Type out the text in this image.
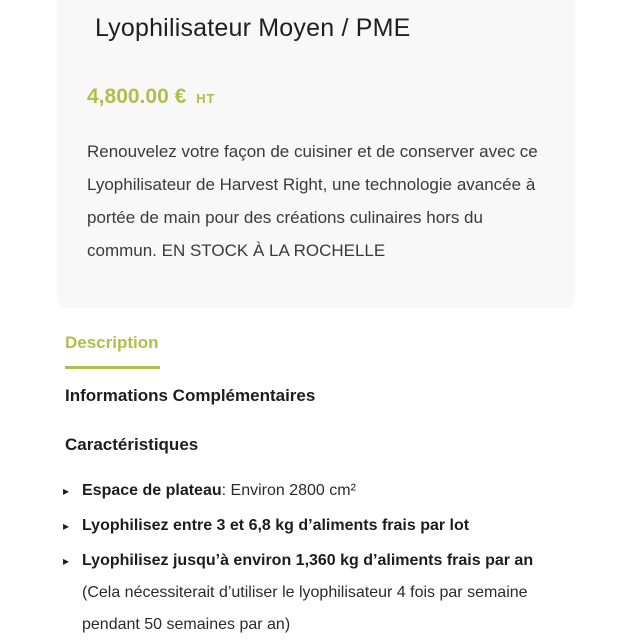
Lyophilisateur Moyen / PME
4,800.00 € HT

Renouvelez votre façon de cuisiner et de conserver avec ce Lyophilisateur de Harvest Right, une technologie avancée à portée de main pour des créations culinaires hors du commun. EN STOCK À LA ROCHELLE

Description
Informations Complémentaires
Caractéristiques
▸ Espace de plateau: Environ 2800 cm²
▸ Lyophilisez entre 3 et 6,8 kg d’aliments frais par lot
▸ Lyophilisez jusqu’à environ 1,360 kg d’aliments frais par an
(Cela nécessiterait d’utiliser le lyophilisateur 4 fois par semaine pendant 50 semaines par an)
